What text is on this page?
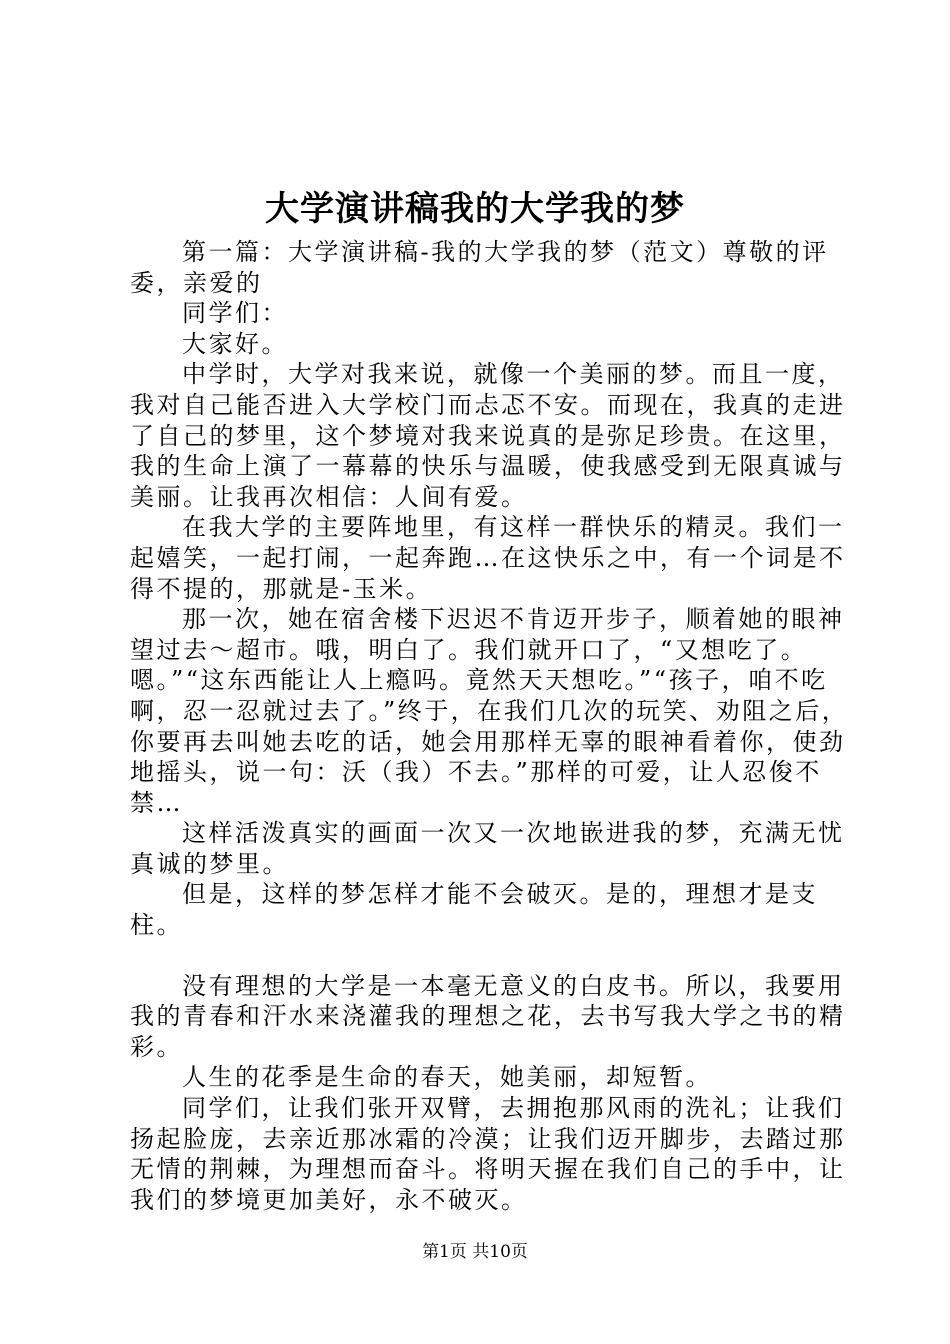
大学演讲稿我的大学我的梦

第一篇：大学演讲稿-我的大学我的梦（范文）尊敬的评委，亲爱的

同学们：

大家好。

中学时，大学对我来说，就像一个美丽的梦。而且一度，我对自己能否进入大学校门而忐忑不安。而现在，我真的走进了自己的梦里，这个梦境对我来说真的是弥足珍贵。在这里，我的生命上演了一幕幕的快乐与温暖，使我感受到无限真诚与美丽。让我再次相信：人间有爱。

在我大学的主要阵地里，有这样一群快乐的精灵。我们一起嬉笑，一起打闹，一起奔跑…在这快乐之中，有一个词是不得不提的，那就是-玉米。

那一次，她在宿舍楼下迟迟不肯迈开步子，顺着她的眼神望过去～超市。哦，明白了。我们就开口了，“又想吃了。嗯。”“这东西能让人上瘾吗。竟然天天想吃。”“孩子，咱不吃啊，忍一忍就过去了。”终于，在我们几次的玩笑、劝阻之后，你要再去叫她去吃的话，她会用那样无辜的眼神看着你，使劲地摇头，说一句：沃（我）不去。”那样的可爱，让人忍俊不禁…

这样活泼真实的画面一次又一次地嵌进我的梦，充满无忧真诚的梦里。

但是，这样的梦怎样才能不会破灭。是的，理想才是支柱。

没有理想的大学是一本毫无意义的白皮书。所以，我要用我的青春和汗水来浇灌我的理想之花，去书写我大学之书的精彩。

人生的花季是生命的春天，她美丽，却短暂。

同学们，让我们张开双臂，去拥抱那风雨的洗礼；让我们扬起脸庞，去亲近那冰霜的冷漠；让我们迈开脚步，去踏过那无情的荆棘，为理想而奋斗。将明天握在我们自己的手中，让我们的梦境更加美好，永不破灭。

第1页 共10页
